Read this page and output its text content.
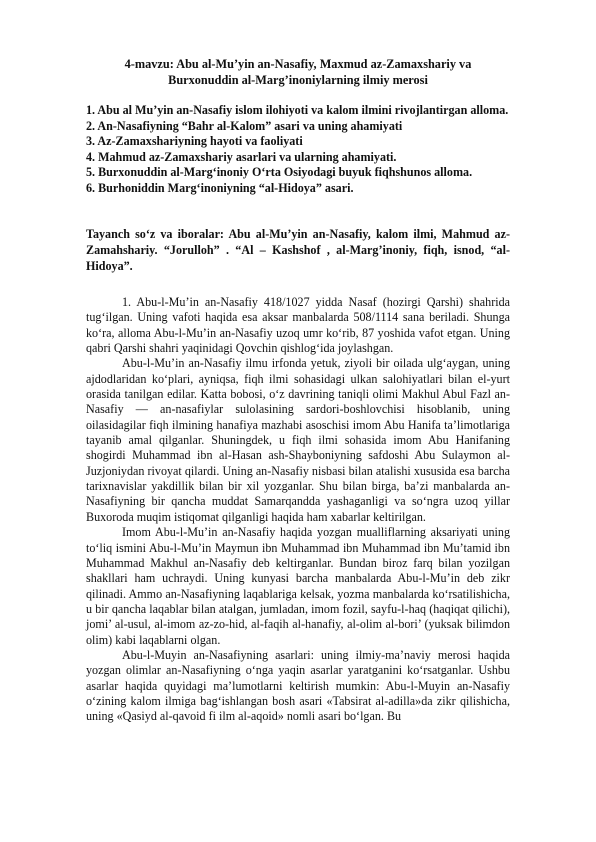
4-mavzu: Abu al-Mu’yin an-Nasafiy, Maxmud az-Zamaxshariy va
Burxonuddin al-Marg’inoniylarning ilmiy merosi
1. Abu al Mu’yin an-Nasafiy islom ilohiyoti va kalom ilmini rivojlantirgan alloma.
2. An-Nasafiyning “Bahr al-Kalom” asari va uning ahamiyati
3. Az-Zamaxshariyning hayoti va faoliyati
4. Mahmud az-Zamaxshariy asarlari va ularning ahamiyati.
5. Burxonuddin al-Marg‘inoniy O‘rta Osiyodagi buyuk fiqhshunos alloma.
6. Burhoniddin Marg‘inoniyning “al-Hidoya” asari.
Tayanch so‘z va iboralar: Abu al-Mu’yin an-Nasafiy, kalom ilmi, Mahmud az-Zamahshariy. “Jorulloh” . “Al – Kashshof , al-Marg’inoniy, fiqh, isnod, “al-Hidoya”.

1. Abu-l-Mu’in an-Nasafiy 418/1027 yidda Nasaf (hozirgi Qarshi) shahrida tug‘ilgan. Uning vafoti haqida esa aksar manbalarda 508/1114 sana beriladi. Shunga ko‘ra, alloma Abu-l-Mu’in an-Nasafiy uzoq umr ko‘rib, 87 yoshida vafot etgan. Uning qabri Qarshi shahri yaqinidagi Qovchin qishlog‘ida joylashgan.

Abu-l-Mu’in an-Nasafiy ilmu irfonda yetuk, ziyoli bir oilada ulg‘aygan, uning ajdodlaridan ko‘plari, ayniqsa, fiqh ilmi sohasidagi ulkan salohiyatlari bilan el-yurt orasida tanilgan edilar. Katta bobosi, o‘z davrining taniqli olimi Makhul Abul Fazl an-Nasafiy — an-nasafiylar sulolasining sardori-boshlovchisi hisoblanib, uning oilasidagilar fiqh ilmining hanafiya mazhabi asoschisi imom Abu Hanifa ta’limotlariga tayanib amal qilganlar. Shuningdek, u fiqh ilmi sohasida imom Abu Hanifaning shogirdi Muhammad ibn al-Hasan ash-Shayboniyning safdoshi Abu Sulaymon al-Juzjoniydan rivoyat qilardi. Uning an-Nasafiy nisbasi bilan atalishi xususida esa barcha tarixnavislar yakdillik bilan bir xil yozganlar. Shu bilan birga, ba’zi manbalarda an-Nasafiyning bir qancha muddat Samarqandda yashaganligi va so‘ngra uzoq yillar Buxoroda muqim istiqomat qilganligi haqida ham xabarlar keltirilgan.

Imom Abu-l-Mu’in an-Nasafiy haqida yozgan mualliflarning aksariyati uning to‘liq ismini Abu-l-Mu’in Maymun ibn Muhammad ibn Muhammad ibn Mu’tamid ibn Muhammad Makhul an-Nasafiy deb keltirganlar. Bundan biroz farq bilan yozilgan shakllari ham uchraydi. Uning kunyasi barcha manbalarda Abu-l-Mu’in deb zikr qilinadi. Ammo an-Nasafiyning laqablariga kelsak, yozma manbalarda ko‘rsatilishicha, u bir qancha laqablar bilan atalgan, jumladan, imom fozil, sayfu-l-haq (haqiqat qilichi), jomi’ al-usul, al-imom az-zo-hid, al-faqih al-hanafiy, al-olim al-bori’ (yuksak bilimdon olim) kabi laqablarni olgan.

Abu-l-Muyin an-Nasafiyning asarlari: uning ilmiy-ma’naviy merosi haqida yozgan olimlar an-Nasafiyning o‘nga yaqin asarlar yaratganini ko‘rsatganlar. Ushbu asarlar haqida quyidagi ma’lumotlarni keltirish mumkin: Abu-l-Muyin an-Nasafiy o‘zining kalom ilmiga bag‘ishlangan bosh asari «Tabsirat al-adilla»da zikr qilishicha, uning «Qasiyd al-qavoid fi ilm al-aqoid» nomli asari bo‘lgan. Bu
